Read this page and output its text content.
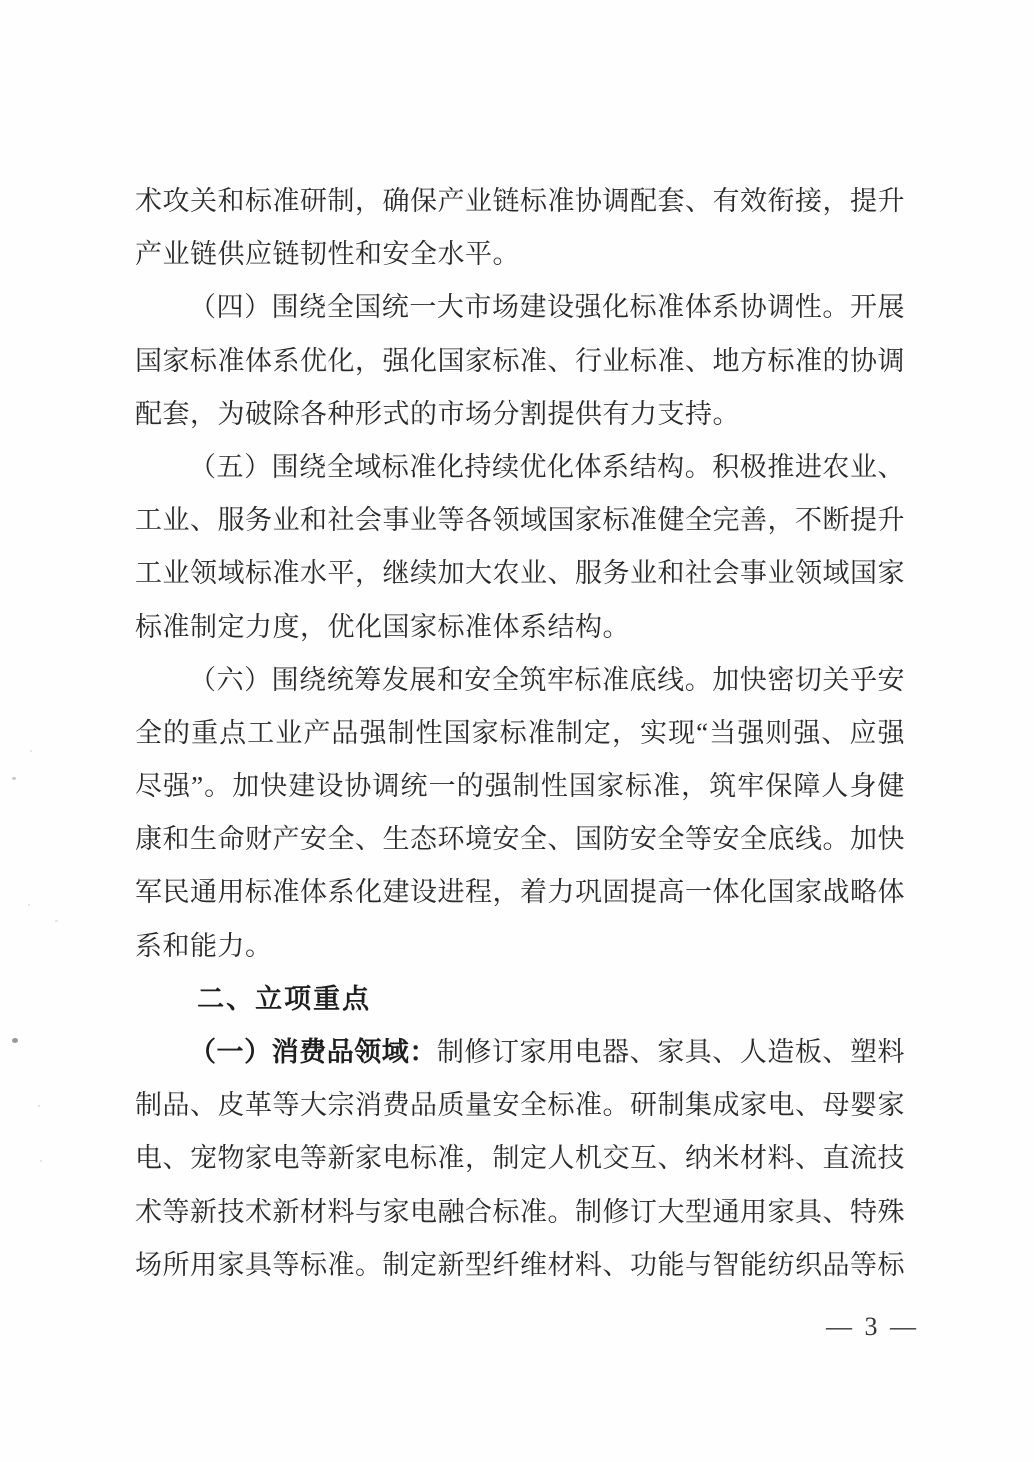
术攻关和标准研制，确保产业链标准协调配套、有效衔接，提升
产业链供应链韧性和安全水平。
（四）围绕全国统一大市场建设强化标准体系协调性。开展
国家标准体系优化，强化国家标准、行业标准、地方标准的协调
配套，为破除各种形式的市场分割提供有力支持。
（五）围绕全域标准化持续优化体系结构。积极推进农业、
工业、服务业和社会事业等各领域国家标准健全完善，不断提升
工业领域标准水平，继续加大农业、服务业和社会事业领域国家
标准制定力度，优化国家标准体系结构。
（六）围绕统筹发展和安全筑牢标准底线。加快密切关乎安
全的重点工业产品强制性国家标准制定，实现“当强则强、应强
尽强”。加快建设协调统一的强制性国家标准，筑牢保障人身健
康和生命财产安全、生态环境安全、国防安全等安全底线。加快
军民通用标准体系化建设进程，着力巩固提高一体化国家战略体
系和能力。
二、立项重点
（一）消费品领域：制修订家用电器、家具、人造板、塑料
制品、皮革等大宗消费品质量安全标准。研制集成家电、母婴家
电、宠物家电等新家电标准，制定人机交互、纳米材料、直流技
术等新技术新材料与家电融合标准。制修订大型通用家具、特殊
场所用家具等标准。制定新型纤维材料、功能与智能纺织品等标
— 3 —
